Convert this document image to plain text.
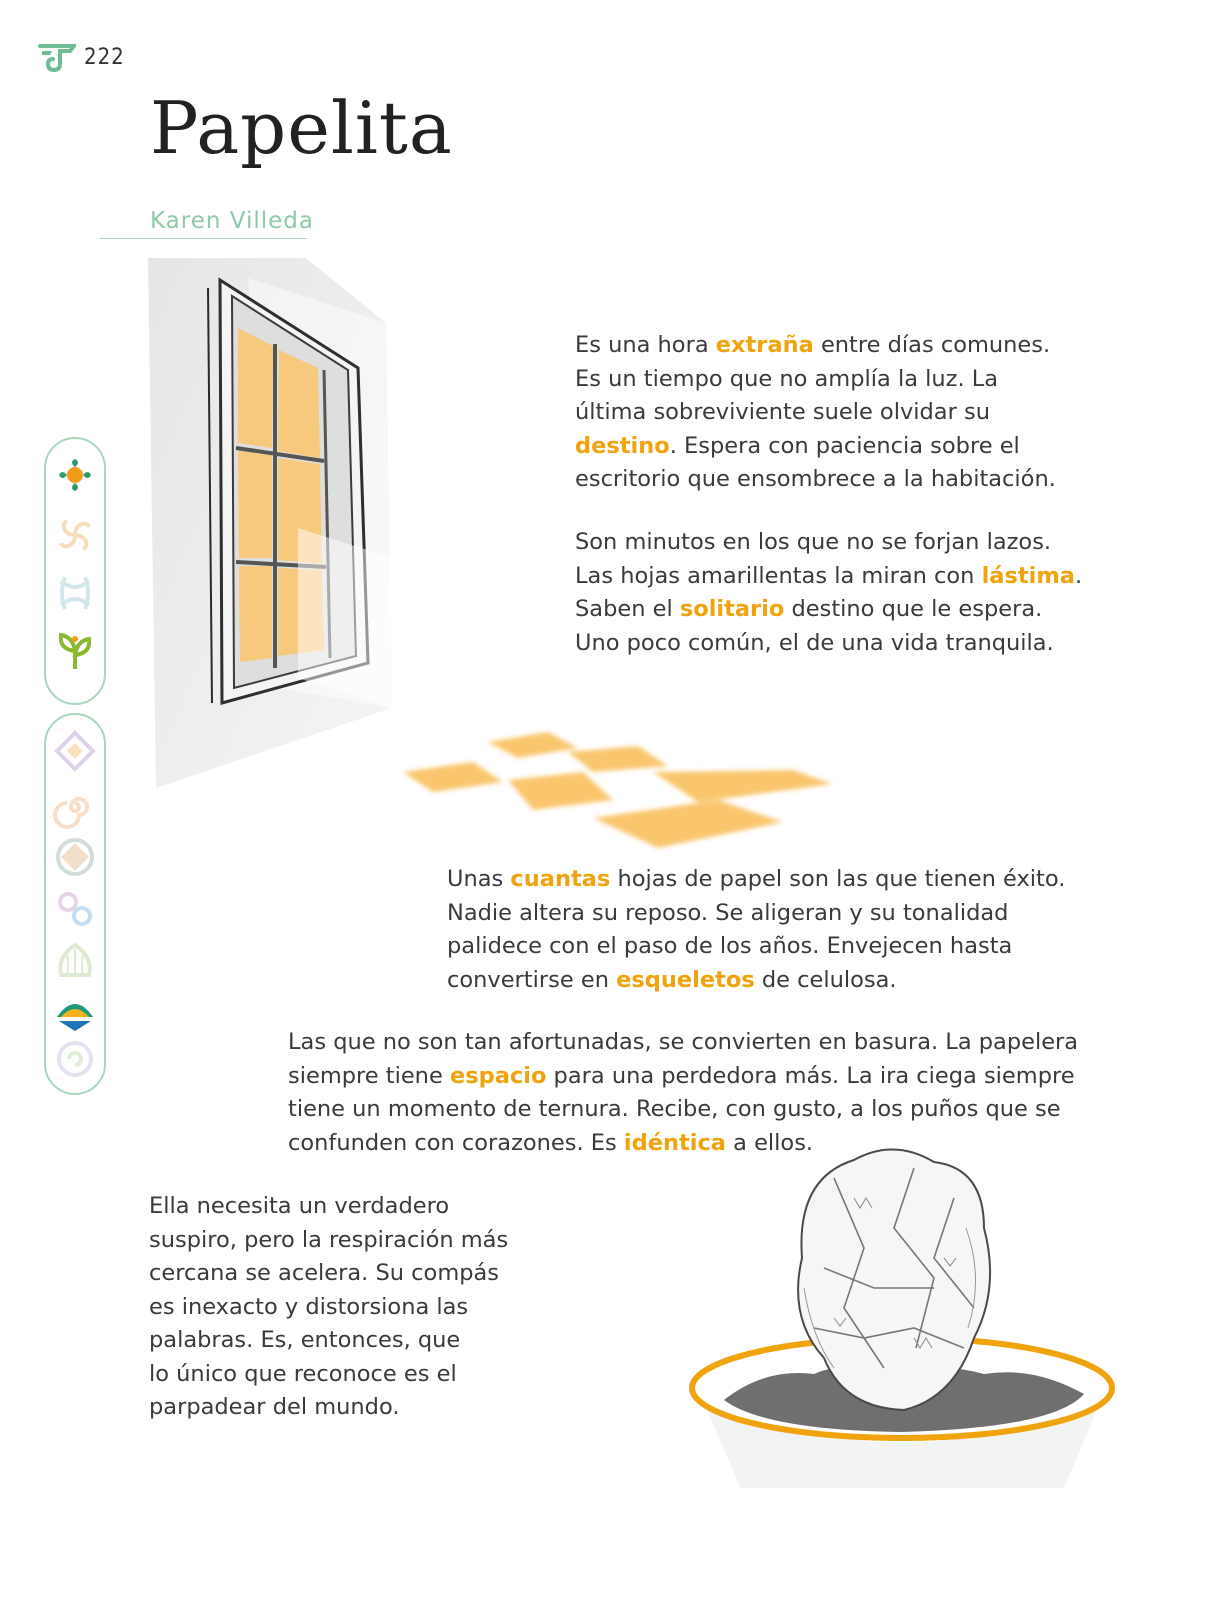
222
Papelita
Karen Villeda

Es una hora extraña entre días comunes.
Es un tiempo que no amplía la luz. La
última sobreviviente suele olvidar su
destino. Espera con paciencia sobre el
escritorio que ensombrece a la habitación.

Son minutos en los que no se forjan lazos.
Las hojas amarillentas la miran con lástima.
Saben el solitario destino que le espera.
Uno poco común, el de una vida tranquila.

Unas cuantas hojas de papel son las que tienen éxito.
Nadie altera su reposo. Se aligeran y su tonalidad
palidece con el paso de los años. Envejecen hasta
convertirse en esqueletos de celulosa.

Las que no son tan afortunadas, se convierten en basura. La papelera
siempre tiene espacio para una perdedora más. La ira ciega siempre
tiene un momento de ternura. Recibe, con gusto, a los puños que se
confunden con corazones. Es idéntica a ellos.

Ella necesita un verdadero
suspiro, pero la respiración más
cercana se acelera. Su compás
es inexacto y distorsiona las
palabras. Es, entonces, que
lo único que reconoce es el
parpadear del mundo.
